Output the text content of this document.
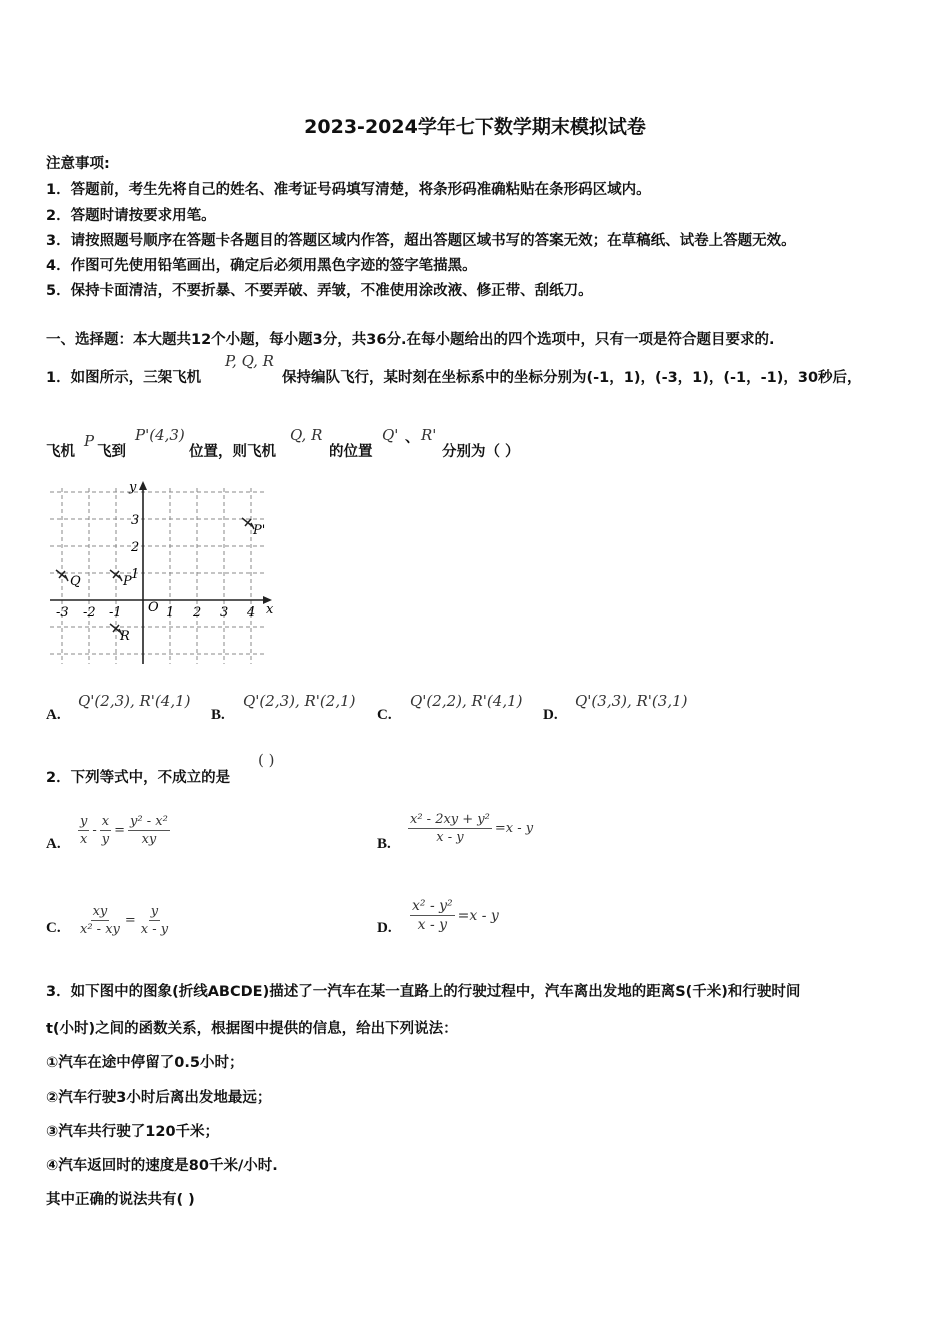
2023-2024学年七下数学期末模拟试卷
注意事项:
1．答题前，考生先将自己的姓名、准考证号码填写清楚，将条形码准确粘贴在条形码区域内。
2．答题时请按要求用笔。
3．请按照题号顺序在答题卡各题目的答题区域内作答，超出答题区域书写的答案无效；在草稿纸、试卷上答题无效。
4．作图可先使用铅笔画出，确定后必须用黑色字迹的签字笔描黑。
5．保持卡面清洁，不要折暴、不要弄破、弄皱，不准使用涂改液、修正带、刮纸刀。
一、选择题：本大题共12个小题，每小题3分，共36分.在每小题给出的四个选项中，只有一项是符合题目要求的.
1．如图所示，三架飞机
P, Q, R
保持编队飞行，某时刻在坐标系中的坐标分别为(-1，1)，(-3，1)，(-1，-1)，30秒后，
飞机
P
飞到
P'(4,3)
位置，则飞机
Q, R
的位置
Q' 、 R'
分别为（ ）
x
y
O
-3 -2 -1	1 2 3 4
3
2
1
P'
Q	P
R
A.
Q'(2,3), R'(4,1)
B.
Q'(2,3), R'(2,1)
C.
Q'(2,2), R'(4,1)
D.
Q'(3,3), R'(3,1)
2．下列等式中，不成立的是
( )
A. $\frac{y}{x} - \frac{x}{y} = \frac{\text{y² - x²}}{xy}$	B. $\frac{\text{x² - 2xy + y²}}{x - y} =x - y$
C. $\frac{xy}{\text{x² - xy}} = \frac{y}{x - y}$	D. $\frac{\text{x² - y²}}{x - y} =x - y$
3．如下图中的图象(折线ABCDE)描述了一汽车在某一直路上的行驶过程中，汽车离出发地的距离S(千米)和行驶时间
t(小时)之间的函数关系，根据图中提供的信息，给出下列说法：
①汽车在途中停留了0.5小时；
②汽车行驶3小时后离出发地最远；
③汽车共行驶了120千米；
④汽车返回时的速度是80千米/小时.
其中正确的说法共有( )
